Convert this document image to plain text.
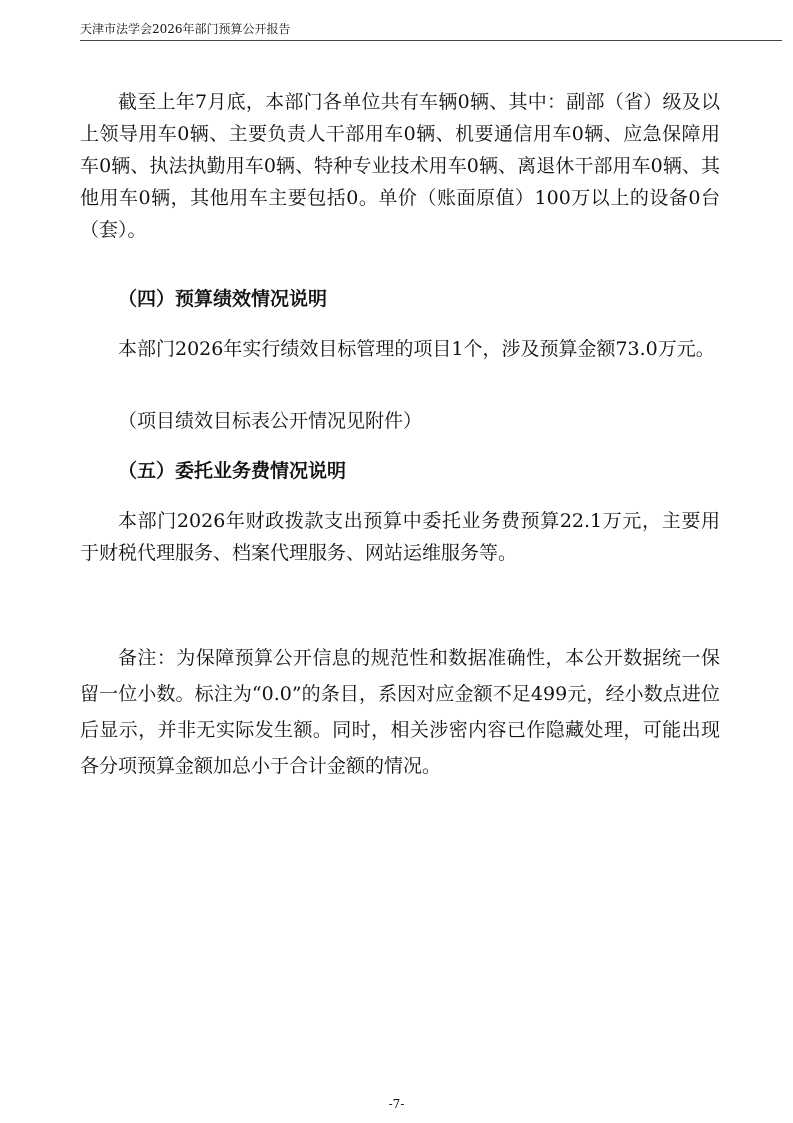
天津市法学会2026年部门预算公开报告

截至上年7月底，本部门各单位共有车辆0辆、其中：副部（省）级及以上领导用车0辆、主要负责人干部用车0辆、机要通信用车0辆、应急保障用车0辆、执法执勤用车0辆、特种专业技术用车0辆、离退休干部用车0辆、其他用车0辆，其他用车主要包括0。单价（账面原值）100万以上的设备0台（套）。

（四）预算绩效情况说明

本部门2026年实行绩效目标管理的项目1个，涉及预算金额73.0万元。

（项目绩效目标表公开情况见附件）
（五）委托业务费情况说明

本部门2026年财政拨款支出预算中委托业务费预算22.1万元，主要用于财税代理服务、档案代理服务、网站运维服务等。

备注：为保障预算公开信息的规范性和数据准确性，本公开数据统一保留一位小数。标注为“0.0”的条目，系因对应金额不足499元，经小数点进位后显示，并非无实际发生额。同时，相关涉密内容已作隐藏处理，可能出现各分项预算金额加总小于合计金额的情况。

-7-
